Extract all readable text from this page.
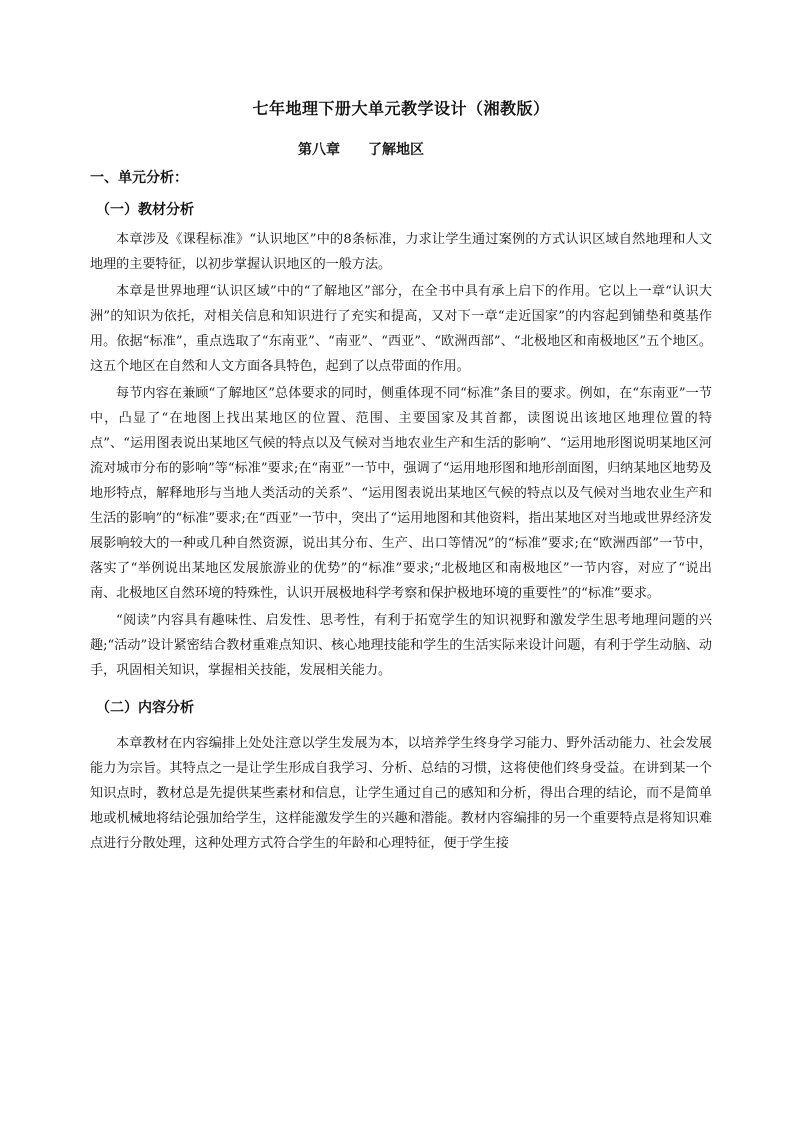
七年地理下册大单元教学设计（湘教版）
第八章　　了解地区
一、单元分析：
（一）教材分析

本章涉及《课程标准》“认识地区”中的8条标准，力求让学生通过案例的方式认识区域自然地理和人文地理的主要特征，以初步掌握认识地区的一般方法。

本章是世界地理“认识区域”中的“了解地区”部分，在全书中具有承上启下的作用。它以上一章“认识大洲”的知识为依托，对相关信息和知识进行了充实和提高，又对下一章“走近国家”的内容起到铺垫和奠基作用。依据“标准”，重点选取了“东南亚”、“南亚”、“西亚”、“欧洲西部”、“北极地区和南极地区”五个地区。这五个地区在自然和人文方面各具特色，起到了以点带面的作用。

每节内容在兼顾“了解地区”总体要求的同时，侧重体现不同“标准”条目的要求。例如，在“东南亚”一节中，凸显了“在地图上找出某地区的位置、范围、主要国家及其首都，读图说出该地区地理位置的特点”、“运用图表说出某地区气候的特点以及气候对当地农业生产和生活的影响”、“运用地形图说明某地区河流对城市分布的影响”等“标准”要求;在“南亚”一节中，强调了“运用地形图和地形剖面图，归纳某地区地势及地形特点，解释地形与当地人类活动的关系”、“运用图表说出某地区气候的特点以及气候对当地农业生产和生活的影响”的“标准”要求;在“西亚”一节中，突出了“运用地图和其他资料，指出某地区对当地或世界经济发展影响较大的一种或几种自然资源，说出其分布、生产、出口等情况”的“标准”要求;在“欧洲西部”一节中，落实了“举例说出某地区发展旅游业的优势”的“标准”要求;“北极地区和南极地区”一节内容，对应了“说出南、北极地区自然环境的特殊性，认识开展极地科学考察和保护极地环境的重要性”的“标准”要求。

“阅读”内容具有趣味性、启发性、思考性，有利于拓宽学生的知识视野和激发学生思考地理问题的兴趣;“活动”设计紧密结合教材重难点知识、核心地理技能和学生的生活实际来设计问题，有利于学生动脑、动手，巩固相关知识，掌握相关技能，发展相关能力。

（二）内容分析

本章教材在内容编排上处处注意以学生发展为本，以培养学生终身学习能力、野外活动能力、社会发展能力为宗旨。其特点之一是让学生形成自我学习、分析、总结的习惯，这将使他们终身受益。在讲到某一个知识点时，教材总是先提供某些素材和信息，让学生通过自己的感知和分析，得出合理的结论，而不是简单地或机械地将结论强加给学生，这样能激发学生的兴趣和潜能。教材内容编排的另一个重要特点是将知识难点进行分散处理，这种处理方式符合学生的年龄和心理特征，便于学生接
